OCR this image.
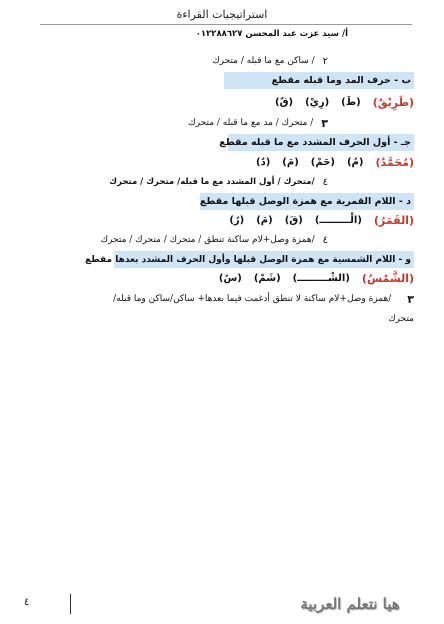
استراتيجيات القراءة
أ/ سيد عزت عبد المحسن ٠١٢٢٨٨٦٢٧
٢
/ ساكن مع ما قبله / متحرك
ب - حرف المد وما قبله مقطع
(طَرِيْقٌ)
(طَ)
(رِيْ)
(قٌ)
٣
/ متحرك / مد مع ما قبله / متحرك
جـ - أول الحرف المشدد مع ما قبله مقطع
(مُحَمَّدٌ)
(مُ)
(حَمْ)
(مَ)
(دٌ)
٤
/متحرك / أول المشدد مع ما قبله/ متحرك / متحرك
د - اللام القمرية مع همزة الوصل قبلها مقطع
(القَمَرُ)
(الْـــــــــ)
(قَ)
(مَ)
(رُ)
٤
/همزة وصل+لام ساكنة تنطق / متحرك / متحرك / متحرك
و - اللام الشمسية مع همزة الوصل قبلها وأول الحرف المشدد بعدها مقطع
(الشَّمْسُ)
(الشْـــــــــ)
(شَمْ)
(سُ)
٣
/همزة وصل+لام ساكنة لا تنطق أدغمت فيما بعدها+ ساكن/ساكن وما قبله/
متحرك
٤	هيا نتعلم العربية
